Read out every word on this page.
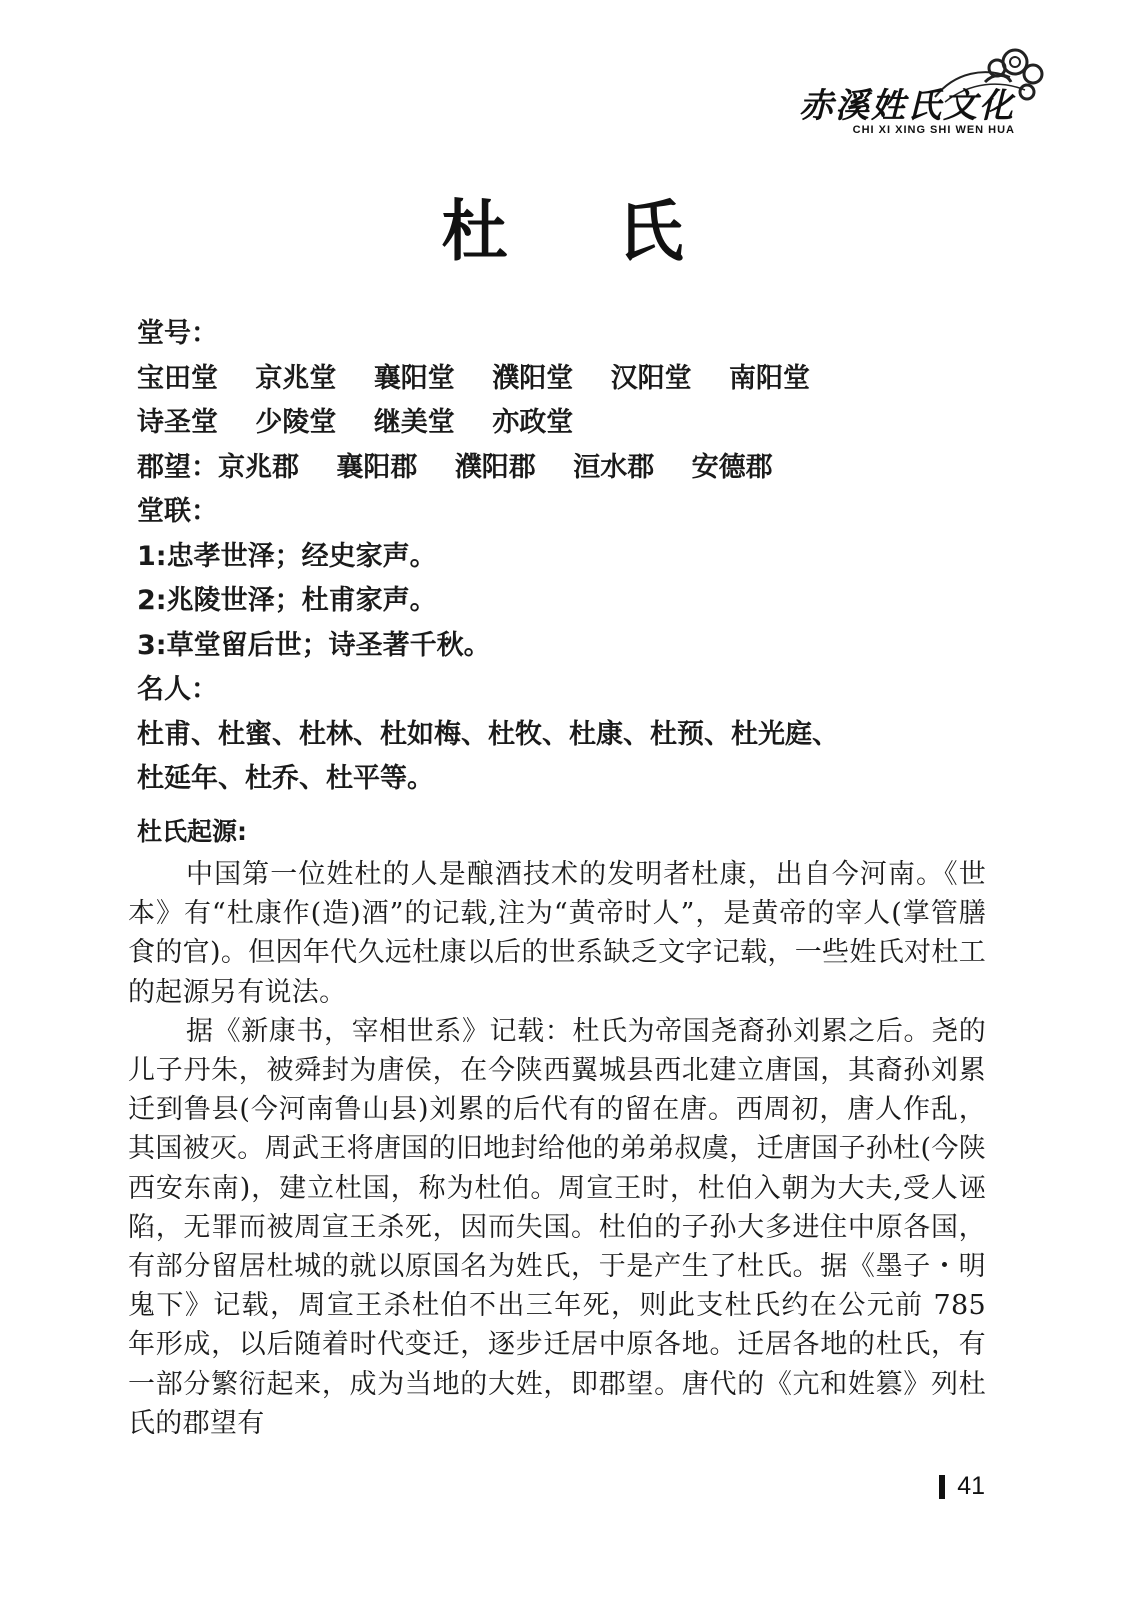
赤溪姓氏文化
CHI XI XING SHI WEN HUA
杜氏
堂号：
宝田堂 京兆堂 襄阳堂 濮阳堂 汉阳堂 南阳堂
诗圣堂 少陵堂 继美堂 亦政堂
郡望：京兆郡 襄阳郡 濮阳郡 洹水郡 安德郡
堂联：
1:忠孝世泽；经史家声。
2:兆陵世泽；杜甫家声。
3:草堂留后世；诗圣著千秋。
名人：
杜甫、杜蜜、杜林、杜如梅、杜牧、杜康、杜预、杜光庭、
杜延年、杜乔、杜平等。
杜氏起源:

中国第一位姓杜的人是酿酒技术的发明者杜康，出自今河南。《世本》有“杜康作(造)酒”的记载,注为“黄帝时人”，是黄帝的宰人(掌管膳食的官)。但因年代久远杜康以后的世系缺乏文字记载，一些姓氏对杜工的起源另有说法。

据《新康书，宰相世系》记载：杜氏为帝国尧裔孙刘累之后。尧的儿子丹朱，被舜封为唐侯，在今陕西翼城县西北建立唐国，其裔孙刘累迁到鲁县(今河南鲁山县)刘累的后代有的留在唐。西周初，唐人作乱，其国被灭。周武王将唐国的旧地封给他的弟弟叔虞，迁唐国子孙杜(今陕西安东南)，建立杜国，称为杜伯。周宣王时，杜伯入朝为大夫,受人诬陷，无罪而被周宣王杀死，因而失国。杜伯的子孙大多进住中原各国，有部分留居杜城的就以原国名为姓氏，于是产生了杜氏。据《墨子・明鬼下》记载，周宣王杀杜伯不出三年死，则此支杜氏约在公元前 785 年形成，以后随着时代变迁，逐步迁居中原各地。迁居各地的杜氏，有一部分繁衍起来，成为当地的大姓，即郡望。唐代的《亢和姓篡》列杜氏的郡望有

41
